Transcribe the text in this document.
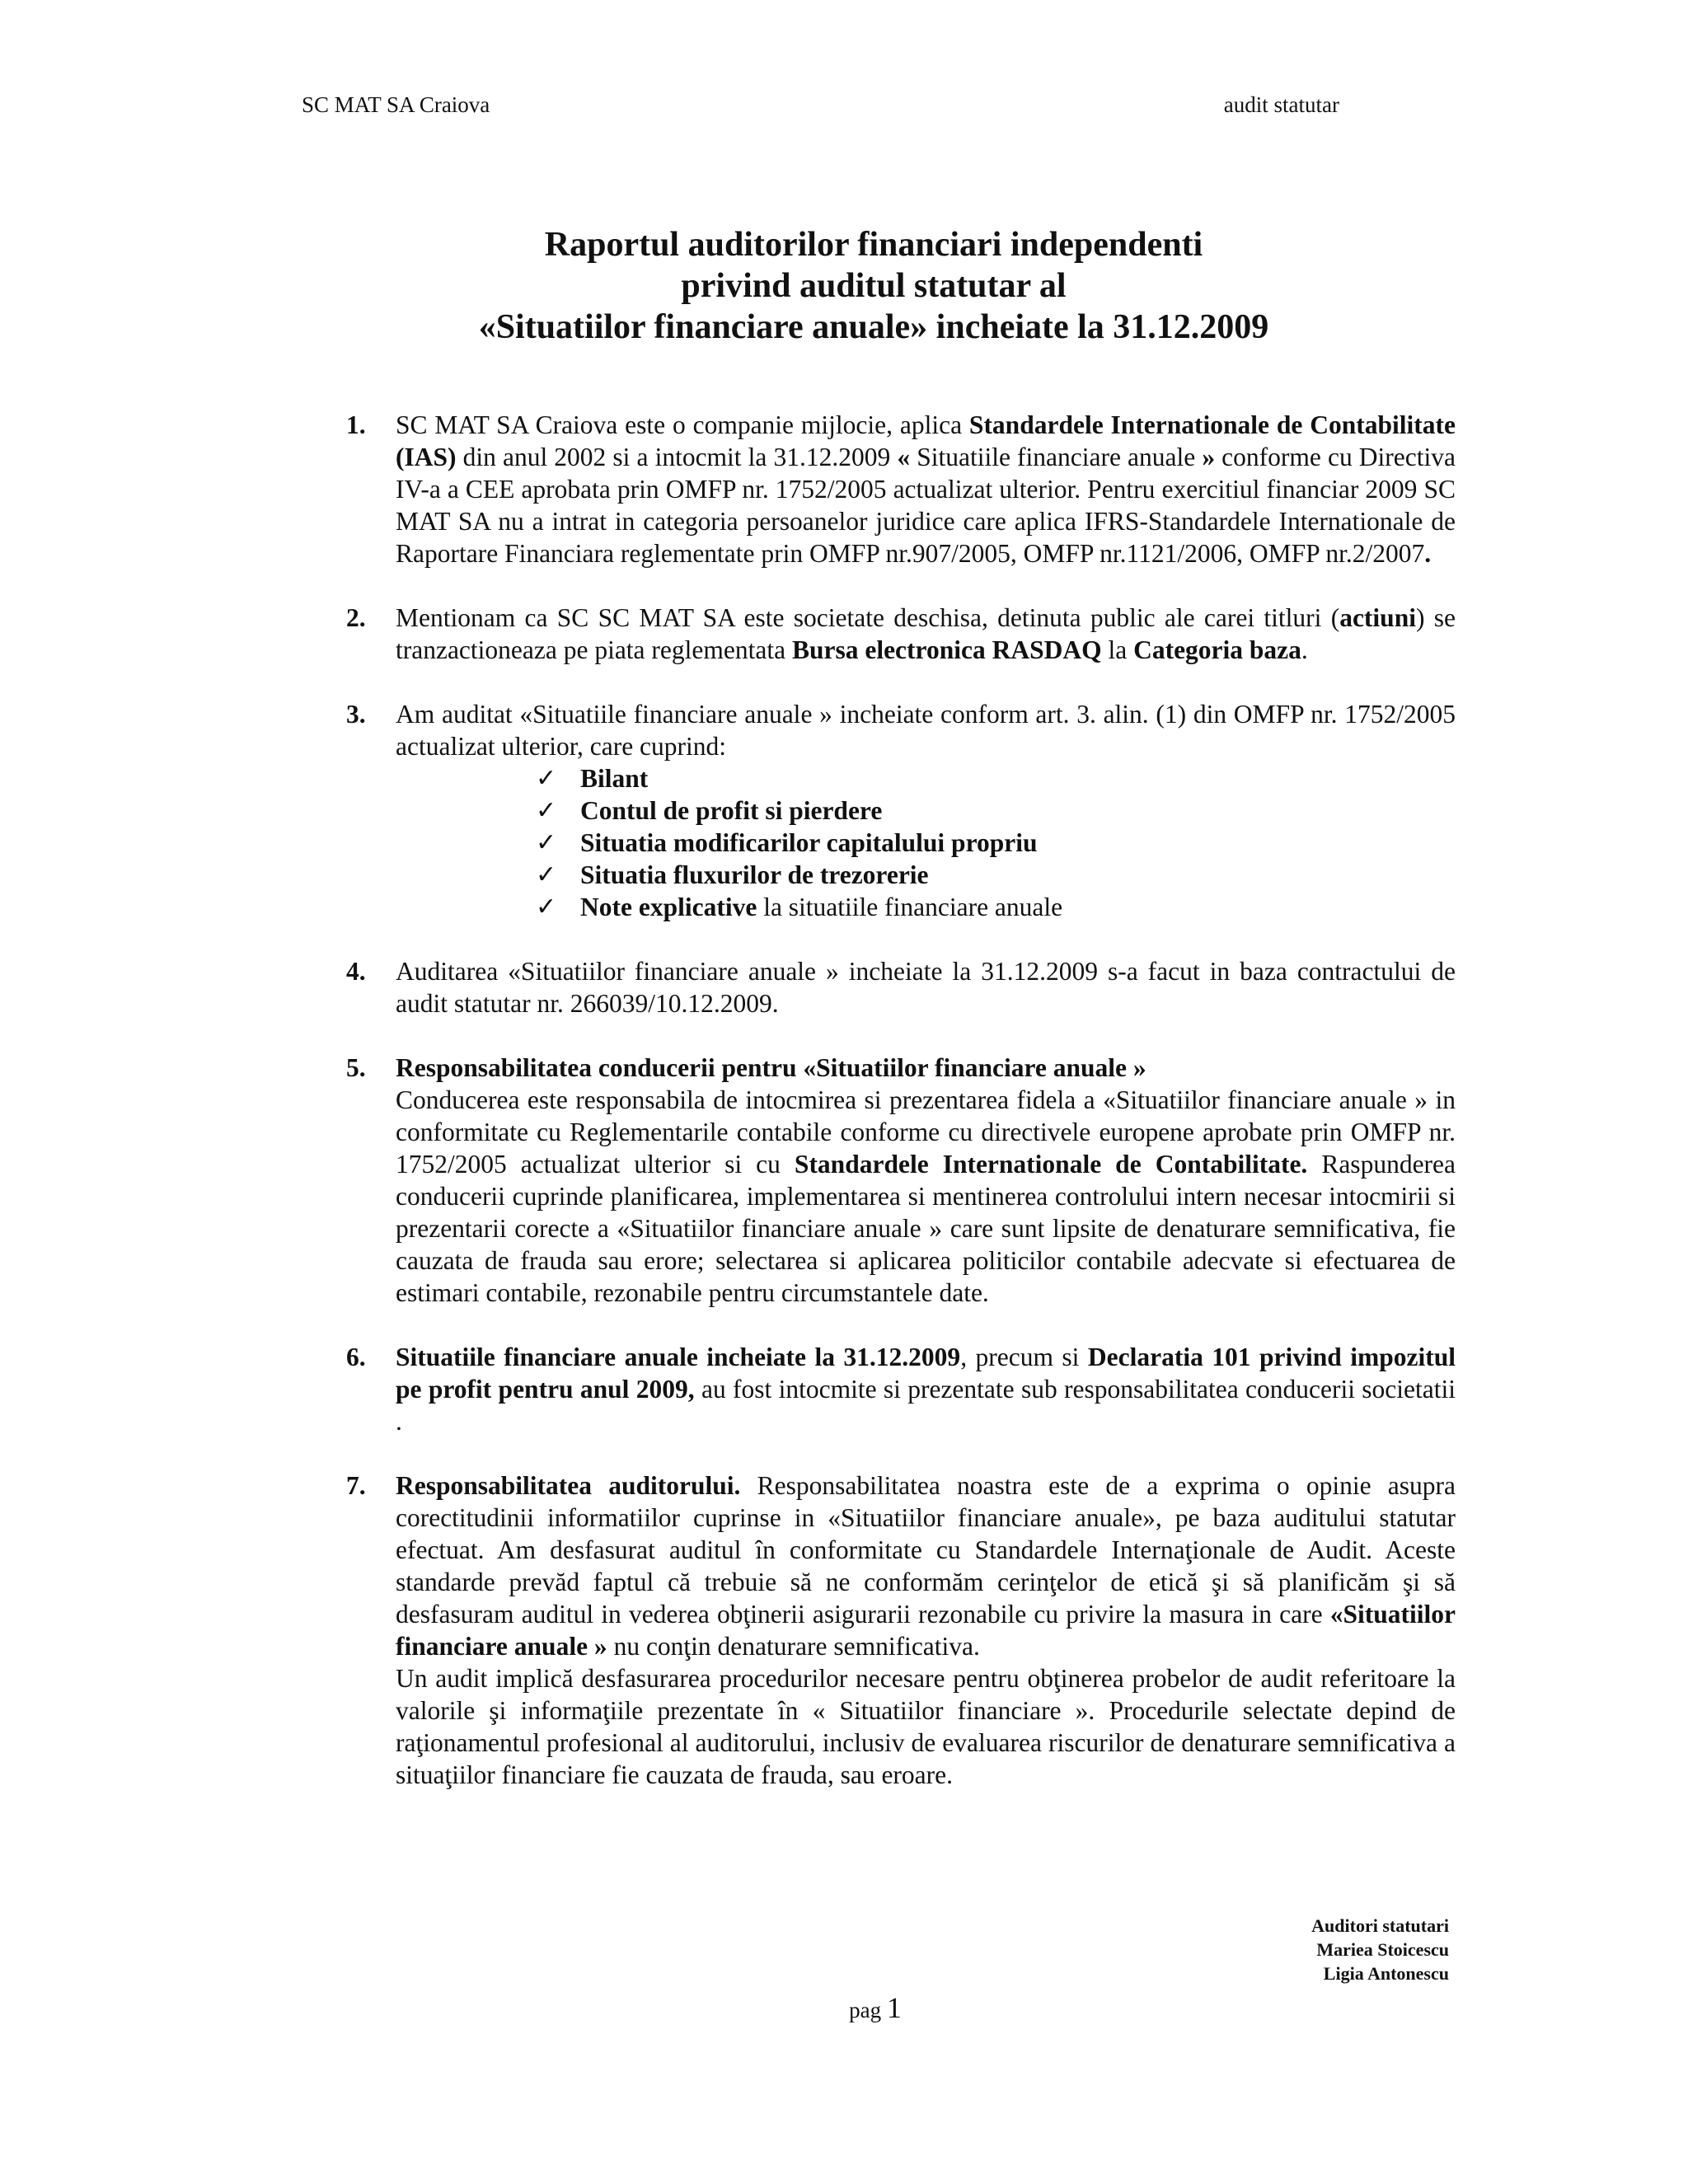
SC MAT SA Craiova	audit statutar
Raportul auditorilor financiari independenti
privind auditul statutar al
«Situatiilor financiare anuale» incheiate la 31.12.2009
1. SC MAT SA Craiova este o companie mijlocie, aplica Standardele Internationale de Contabilitate (IAS) din anul 2002 si a intocmit la 31.12.2009 « Situatiile financiare anuale » conforme cu Directiva IV-a a CEE aprobata prin OMFP nr. 1752/2005 actualizat ulterior. Pentru exercitiul financiar 2009 SC MAT SA nu a intrat in categoria persoanelor juridice care aplica IFRS-Standardele Internationale de Raportare Financiara reglementate prin OMFP nr.907/2005, OMFP nr.1121/2006, OMFP nr.2/2007.

2. Mentionam ca SC SC MAT SA este societate deschisa, detinuta public ale carei titluri (actiuni) se tranzactioneaza pe piata reglementata Bursa electronica RASDAQ la Categoria baza.

3. Am auditat «Situatiile financiare anuale » incheiate conform art. 3. alin. (1) din OMFP nr. 1752/2005 actualizat ulterior, care cuprind:

✓ Bilant
✓ Contul de profit si pierdere
✓ Situatia modificarilor capitalului propriu
✓ Situatia fluxurilor de trezorerie
✓ Note explicative la situatiile financiare anuale
4. Auditarea «Situatiilor financiare anuale » incheiate la 31.12.2009 s-a facut in baza contractului de audit statutar nr. 266039/10.12.2009.

5. Responsabilitatea conducerii pentru «Situatiilor financiare anuale »

Conducerea este responsabila de intocmirea si prezentarea fidela a «Situatiilor financiare anuale » in conformitate cu Reglementarile contabile conforme cu directivele europene aprobate prin OMFP nr. 1752/2005 actualizat ulterior si cu Standardele Internationale de Contabilitate. Raspunderea conducerii cuprinde planificarea, implementarea si mentinerea controlului intern necesar intocmirii si prezentarii corecte a «Situatiilor financiare anuale » care sunt lipsite de denaturare semnificativa, fie cauzata de frauda sau erore; selectarea si aplicarea politicilor contabile adecvate si efectuarea de estimari contabile, rezonabile pentru circumstantele date.

6. Situatiile financiare anuale incheiate la 31.12.2009, precum si Declaratia 101 privind impozitul pe profit pentru anul 2009, au fost intocmite si prezentate sub responsabilitatea conducerii societatii .

7. Responsabilitatea auditorului. Responsabilitatea noastra este de a exprima o opinie asupra corectitudinii informatiilor cuprinse in «Situatiilor financiare anuale», pe baza auditului statutar efectuat. Am desfasurat auditul în conformitate cu Standardele Internaţionale de Audit. Aceste standarde prevăd faptul că trebuie să ne conformăm cerinţelor de etică şi să planificăm şi să desfasuram auditul in vederea obţinerii asigurarii rezonabile cu privire la masura in care «Situatiilor financiare anuale » nu conţin denaturare semnificativa.

Un audit implică desfasurarea procedurilor necesare pentru obţinerea probelor de audit referitoare la valorile şi informaţiile prezentate în « Situatiilor financiare ». Procedurile selectate depind de raţionamentul profesional al auditorului, inclusiv de evaluarea riscurilor de denaturare semnificativa a situaţiilor financiare fie cauzata de frauda, sau eroare.

Auditori statutari
Mariea Stoicescu
Ligia Antonescu
pag 1
